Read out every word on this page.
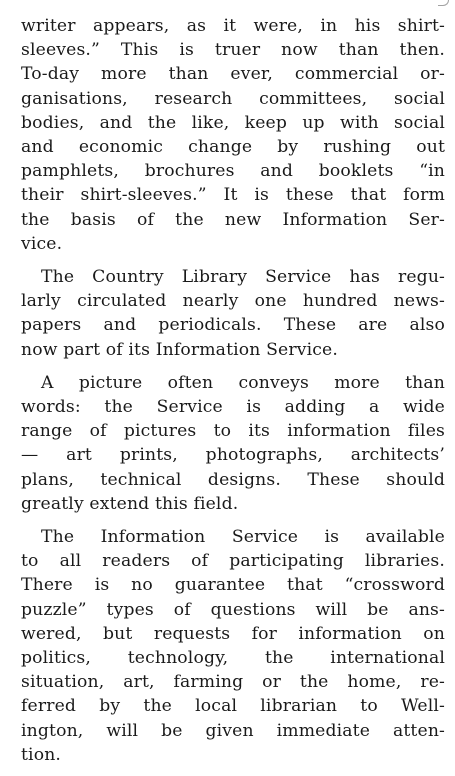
writer appears, as it were, in his shirt-
sleeves.” This is truer now than then.
To-day more than ever, commercial or-
ganisations, research committees, social
bodies, and the like, keep up with social
and economic change by rushing out
pamphlets, brochures and booklets “in
their shirt-sleeves.” It is these that form
the basis of the new Information Ser-
vice.

The Country Library Service has regu-
larly circulated nearly one hundred news-
papers and periodicals. These are also
now part of its Information Service.

A picture often conveys more than
words: the Service is adding a wide
range of pictures to its information files
— art prints, photographs, architects’
plans, technical designs. These should
greatly extend this field.

The Information Service is available
to all readers of participating libraries.
There is no guarantee that “crossword
puzzle” types of questions will be ans-
wered, but requests for information on
politics, technology, the international
situation, art, farming or the home, re-
ferred by the local librarian to Well-
ington, will be given immediate atten-
tion.
